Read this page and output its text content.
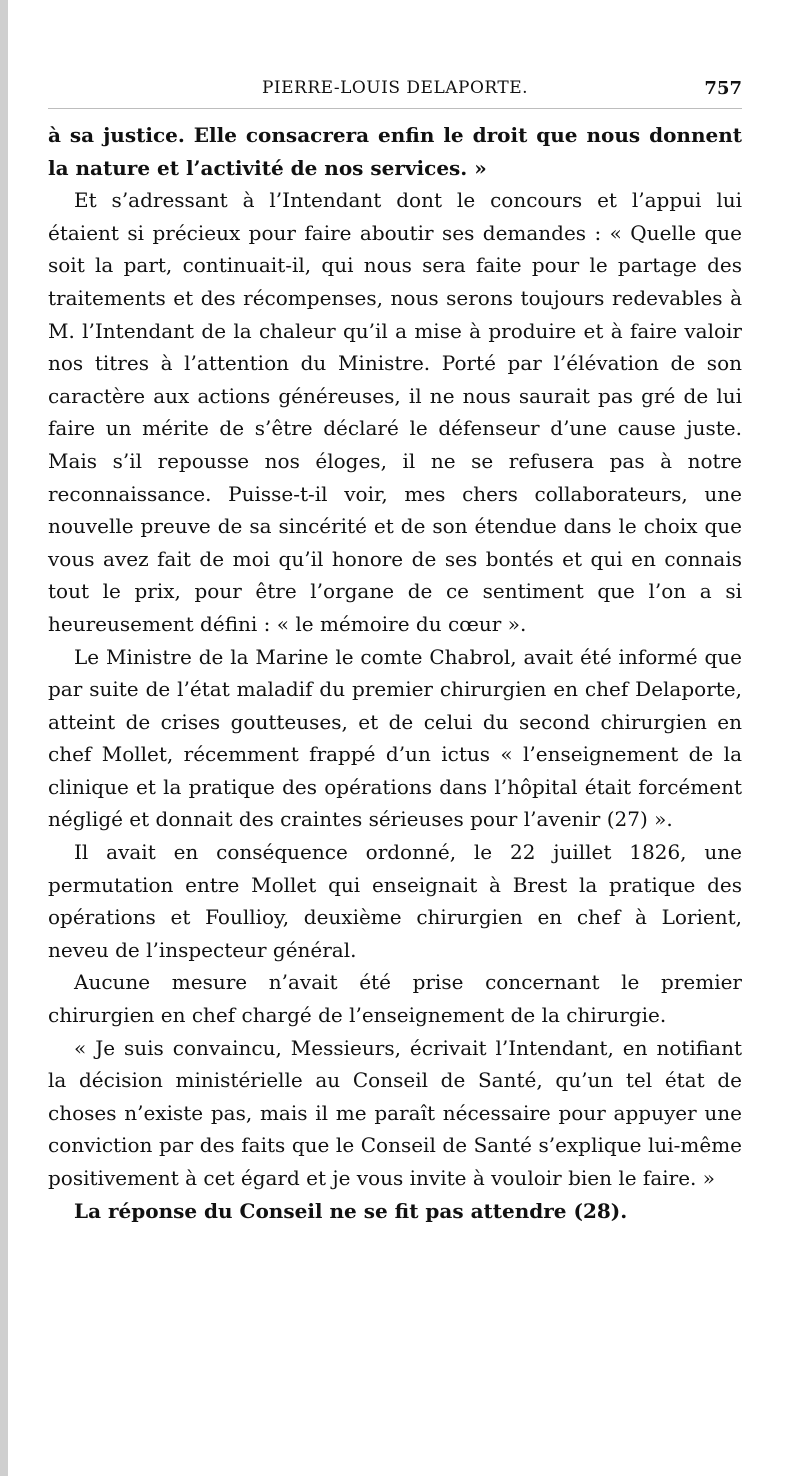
PIERRE-LOUIS DELAPORTE.	757

à sa justice. Elle consacrera enfin le droit que nous donnent la nature et l’activité de nos services. »

Et s’adressant à l’Intendant dont le concours et l’appui lui étaient si précieux pour faire aboutir ses demandes : « Quelle que soit la part, continuait-il, qui nous sera faite pour le partage des traitements et des récompenses, nous serons toujours redevables à M. l’Intendant de la chaleur qu’il a mise à produire et à faire valoir nos titres à l’attention du Ministre. Porté par l’élévation de son caractère aux actions généreuses, il ne nous saurait pas gré de lui faire un mérite de s’être déclaré le défenseur d’une cause juste. Mais s’il repousse nos éloges, il ne se refusera pas à notre reconnaissance. Puisse-t-il voir, mes chers collaborateurs, une nouvelle preuve de sa sincérité et de son étendue dans le choix que vous avez fait de moi qu’il honore de ses bontés et qui en connais tout le prix, pour être l’organe de ce sentiment que l’on a si heureusement défini : « le mémoire du cœur ».

Le Ministre de la Marine le comte Chabrol, avait été informé que par suite de l’état maladif du premier chirurgien en chef Delaporte, atteint de crises goutteuses, et de celui du second chirurgien en chef Mollet, récemment frappé d’un ictus « l’enseignement de la clinique et la pratique des opérations dans l’hôpital était forcément négligé et donnait des craintes sérieuses pour l’avenir (27) ».

Il avait en conséquence ordonné, le 22 juillet 1826, une permutation entre Mollet qui enseignait à Brest la pratique des opérations et Foullioy, deuxième chirurgien en chef à Lorient, neveu de l’inspecteur général.

Aucune mesure n’avait été prise concernant le premier chirurgien en chef chargé de l’enseignement de la chirurgie.

« Je suis convaincu, Messieurs, écrivait l’Intendant, en notifiant la décision ministérielle au Conseil de Santé, qu’un tel état de choses n’existe pas, mais il me paraît nécessaire pour appuyer une conviction par des faits que le Conseil de Santé s’explique lui-même positivement à cet égard et je vous invite à vouloir bien le faire. »

La réponse du Conseil ne se fit pas attendre (28).
